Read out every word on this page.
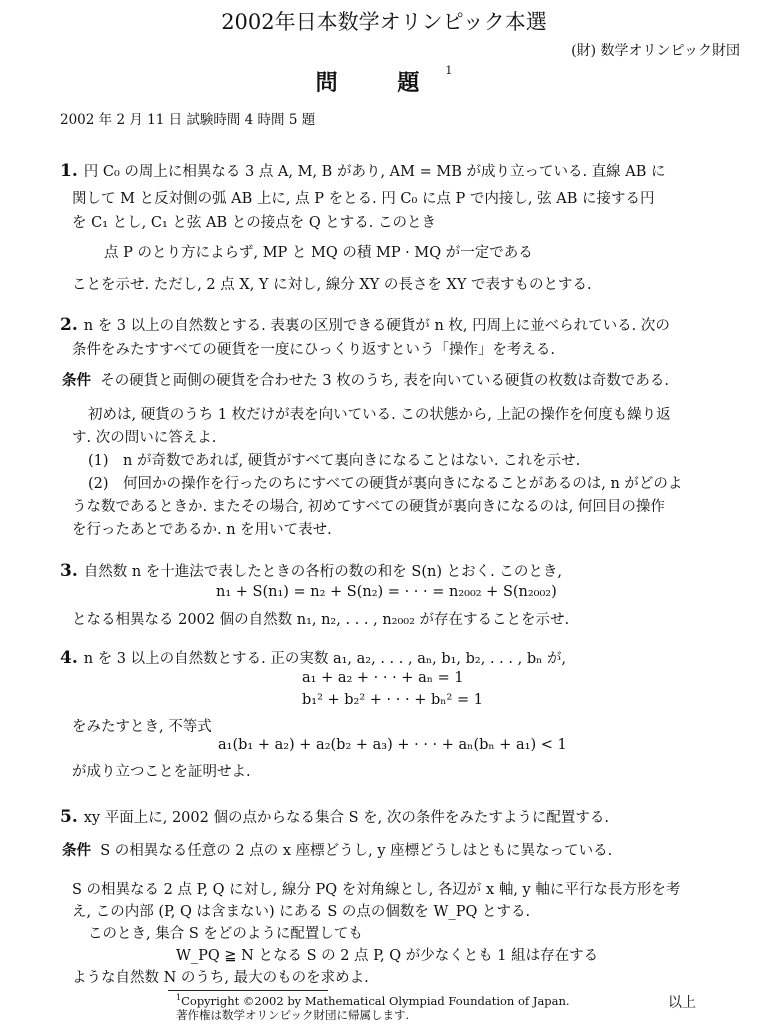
2002年日本数学オリンピック本選
(財) 数学オリンピック財団
問 題$^1$
2002 年 2 月 11 日 試験時間 4 時間 5 題
1. 円 C₀ の周上に相異なる 3 点 A, M, B があり, AM = MB が成り立っている. 直線 AB に
関して M と反対側の弧 AB 上に, 点 P をとる. 円 C₀ に点 P で内接し, 弦 AB に接する円
を C₁ とし, C₁ と弦 AB との接点を Q とする. このとき
点 P のとり方によらず, MP と MQ の積 MP · MQ が一定である
ことを示せ. ただし, 2 点 X, Y に対し, 線分 XY の長さを XY で表すものとする.
2. n を 3 以上の自然数とする. 表裏の区別できる硬貨が n 枚, 円周上に並べられている. 次の
条件をみたすすべての硬貨を一度にひっくり返すという「操作」を考える.
条件 その硬貨と両側の硬貨を合わせた 3 枚のうち, 表を向いている硬貨の枚数は奇数である.
初めは, 硬貨のうち 1 枚だけが表を向いている. この状態から, 上記の操作を何度も繰り返
す. 次の問いに答えよ.
(1)　n が奇数であれば, 硬貨がすべて裏向きになることはない. これを示せ.
(2)　何回かの操作を行ったのちにすべての硬貨が裏向きになることがあるのは, n がどのよ
うな数であるときか. またその場合, 初めてすべての硬貨が裏向きになるのは, 何回目の操作
を行ったあとであるか. n を用いて表せ.
3. 自然数 n を十進法で表したときの各桁の数の和を S(n) とおく. このとき,
n₁ + S(n₁) = n₂ + S(n₂) = · · · = n₂₀₀₂ + S(n₂₀₀₂)
となる相異なる 2002 個の自然数 n₁, n₂, . . . , n₂₀₀₂ が存在することを示せ.
4. n を 3 以上の自然数とする. 正の実数 a₁, a₂, . . . , aₙ, b₁, b₂, . . . , bₙ が,
a₁ + a₂ + · · · + aₙ = 1
b₁² + b₂² + · · · + bₙ² = 1
をみたすとき, 不等式
a₁(b₁ + a₂) + a₂(b₂ + a₃) + · · · + aₙ(bₙ + a₁) < 1
が成り立つことを証明せよ.
5. xy 平面上に, 2002 個の点からなる集合 S を, 次の条件をみたすように配置する.
条件 S の相異なる任意の 2 点の x 座標どうし, y 座標どうしはともに異なっている.
S の相異なる 2 点 P, Q に対し, 線分 PQ を対角線とし, 各辺が x 軸, y 軸に平行な長方形を考
え, この内部 (P, Q は含まない) にある S の点の個数を W_PQ とする.
このとき, 集合 S をどのように配置しても
W_PQ ≧ N となる S の 2 点 P, Q が少なくとも 1 組は存在する
ような自然数 N のうち, 最大のものを求めよ.
以上
$^1$Copyright ©2002 by Mathematical Olympiad Foundation of Japan.
著作権は数学オリンピック財団に帰属します.
